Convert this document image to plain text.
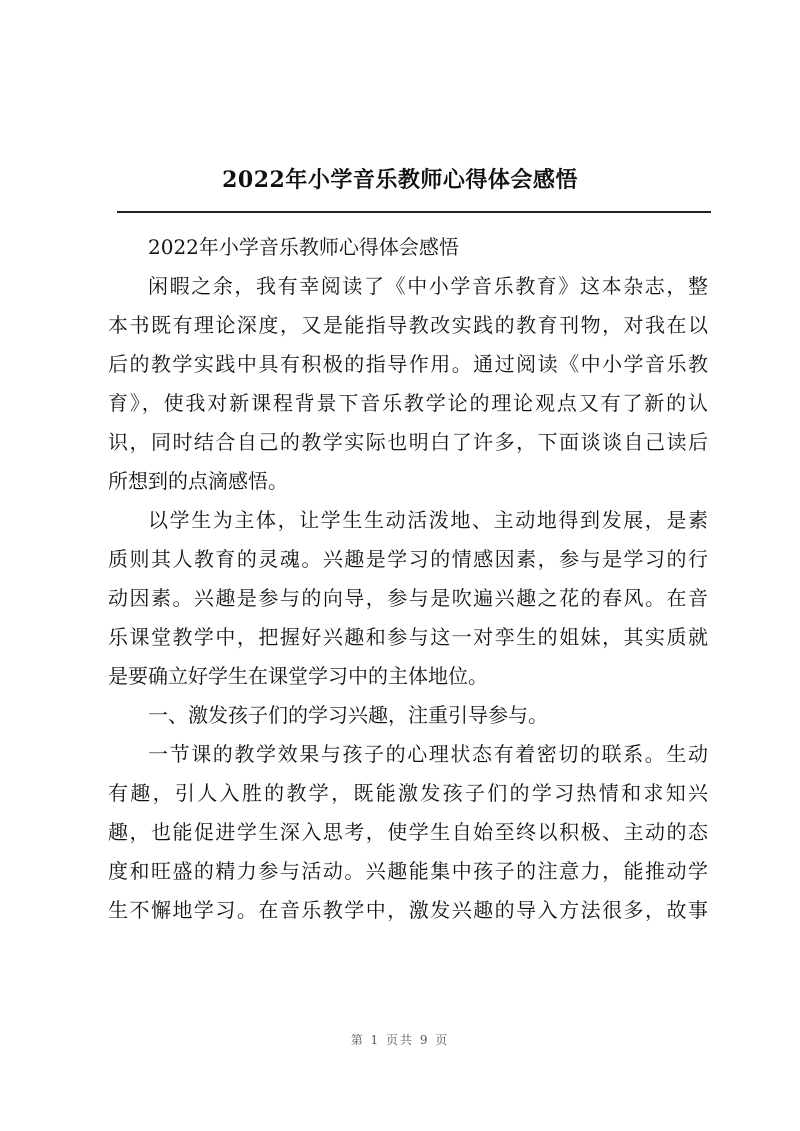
2022年小学音乐教师心得体会感悟
2022年小学音乐教师心得体会感悟
闲暇之余，我有幸阅读了《中小学音乐教育》这本杂志，整
本书既有理论深度，又是能指导教改实践的教育刊物，对我在以
后的教学实践中具有积极的指导作用。通过阅读《中小学音乐教
育》，使我对新课程背景下音乐教学论的理论观点又有了新的认
识，同时结合自己的教学实际也明白了许多，下面谈谈自己读后
所想到的点滴感悟。
以学生为主体，让学生生动活泼地、主动地得到发展，是素
质则其人教育的灵魂。兴趣是学习的情感因素，参与是学习的行
动因素。兴趣是参与的向导，参与是吹遍兴趣之花的春风。在音
乐课堂教学中，把握好兴趣和参与这一对孪生的姐妹，其实质就
是要确立好学生在课堂学习中的主体地位。
一、激发孩子们的学习兴趣，注重引导参与。
一节课的教学效果与孩子的心理状态有着密切的联系。生动
有趣，引人入胜的教学，既能激发孩子们的学习热情和求知兴
趣，也能促进学生深入思考，使学生自始至终以积极、主动的态
度和旺盛的精力参与活动。兴趣能集中孩子的注意力，能推动学
生不懈地学习。在音乐教学中，激发兴趣的导入方法很多，故事
第 1 页共 9 页
